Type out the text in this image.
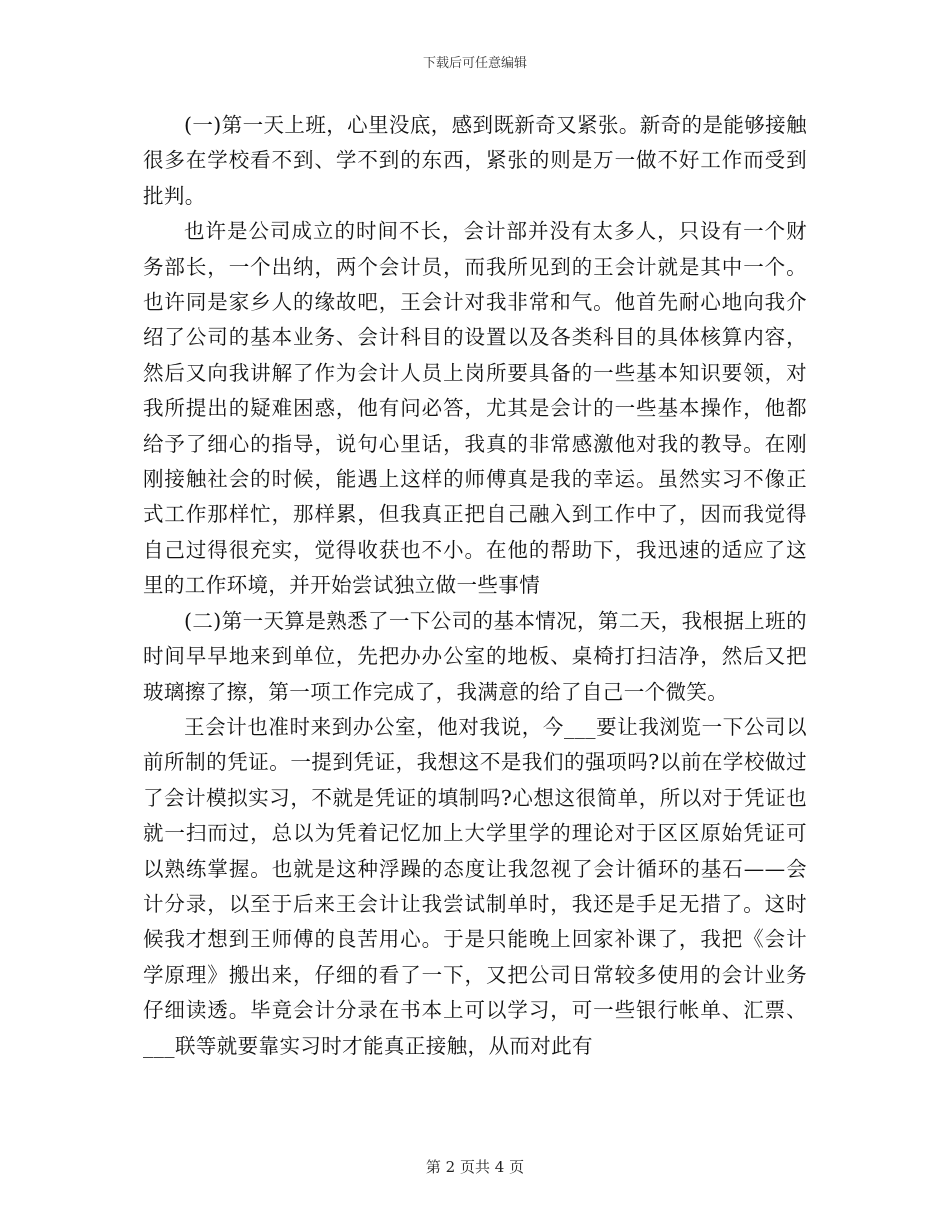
下载后可任意编辑

(一)第一天上班，心里没底，感到既新奇又紧张。新奇的是能够接触很多在学校看不到、学不到的东西，紧张的则是万一做不好工作而受到批判。

也许是公司成立的时间不长，会计部并没有太多人，只设有一个财务部长，一个出纳，两个会计员，而我所见到的王会计就是其中一个。也许同是家乡人的缘故吧，王会计对我非常和气。他首先耐心地向我介绍了公司的基本业务、会计科目的设置以及各类科目的具体核算内容，然后又向我讲解了作为会计人员上岗所要具备的一些基本知识要领，对我所提出的疑难困惑，他有问必答，尤其是会计的一些基本操作，他都给予了细心的指导，说句心里话，我真的非常感激他对我的教导。在刚刚接触社会的时候，能遇上这样的师傅真是我的幸运。虽然实习不像正式工作那样忙，那样累，但我真正把自己融入到工作中了，因而我觉得自己过得很充实，觉得收获也不小。在他的帮助下，我迅速的适应了这里的工作环境，并开始尝试独立做一些事情

(二)第一天算是熟悉了一下公司的基本情况，第二天，我根据上班的时间早早地来到单位，先把办办公室的地板、桌椅打扫洁净，然后又把玻璃擦了擦，第一项工作完成了，我满意的给了自己一个微笑。

王会计也准时来到办公室，他对我说，今___要让我浏览一下公司以前所制的凭证。一提到凭证，我想这不是我们的强项吗?以前在学校做过了会计模拟实习，不就是凭证的填制吗?心想这很简单，所以对于凭证也就一扫而过，总以为凭着记忆加上大学里学的理论对于区区原始凭证可以熟练掌握。也就是这种浮躁的态度让我忽视了会计循环的基石——会计分录，以至于后来王会计让我尝试制单时，我还是手足无措了。这时候我才想到王师傅的良苦用心。于是只能晚上回家补课了，我把《会计学原理》搬出来，仔细的看了一下，又把公司日常较多使用的会计业务仔细读透。毕竟会计分录在书本上可以学习，可一些银行帐单、汇票、___联等就要靠实习时才能真正接触，从而对此有

第 2 页共 4 页
